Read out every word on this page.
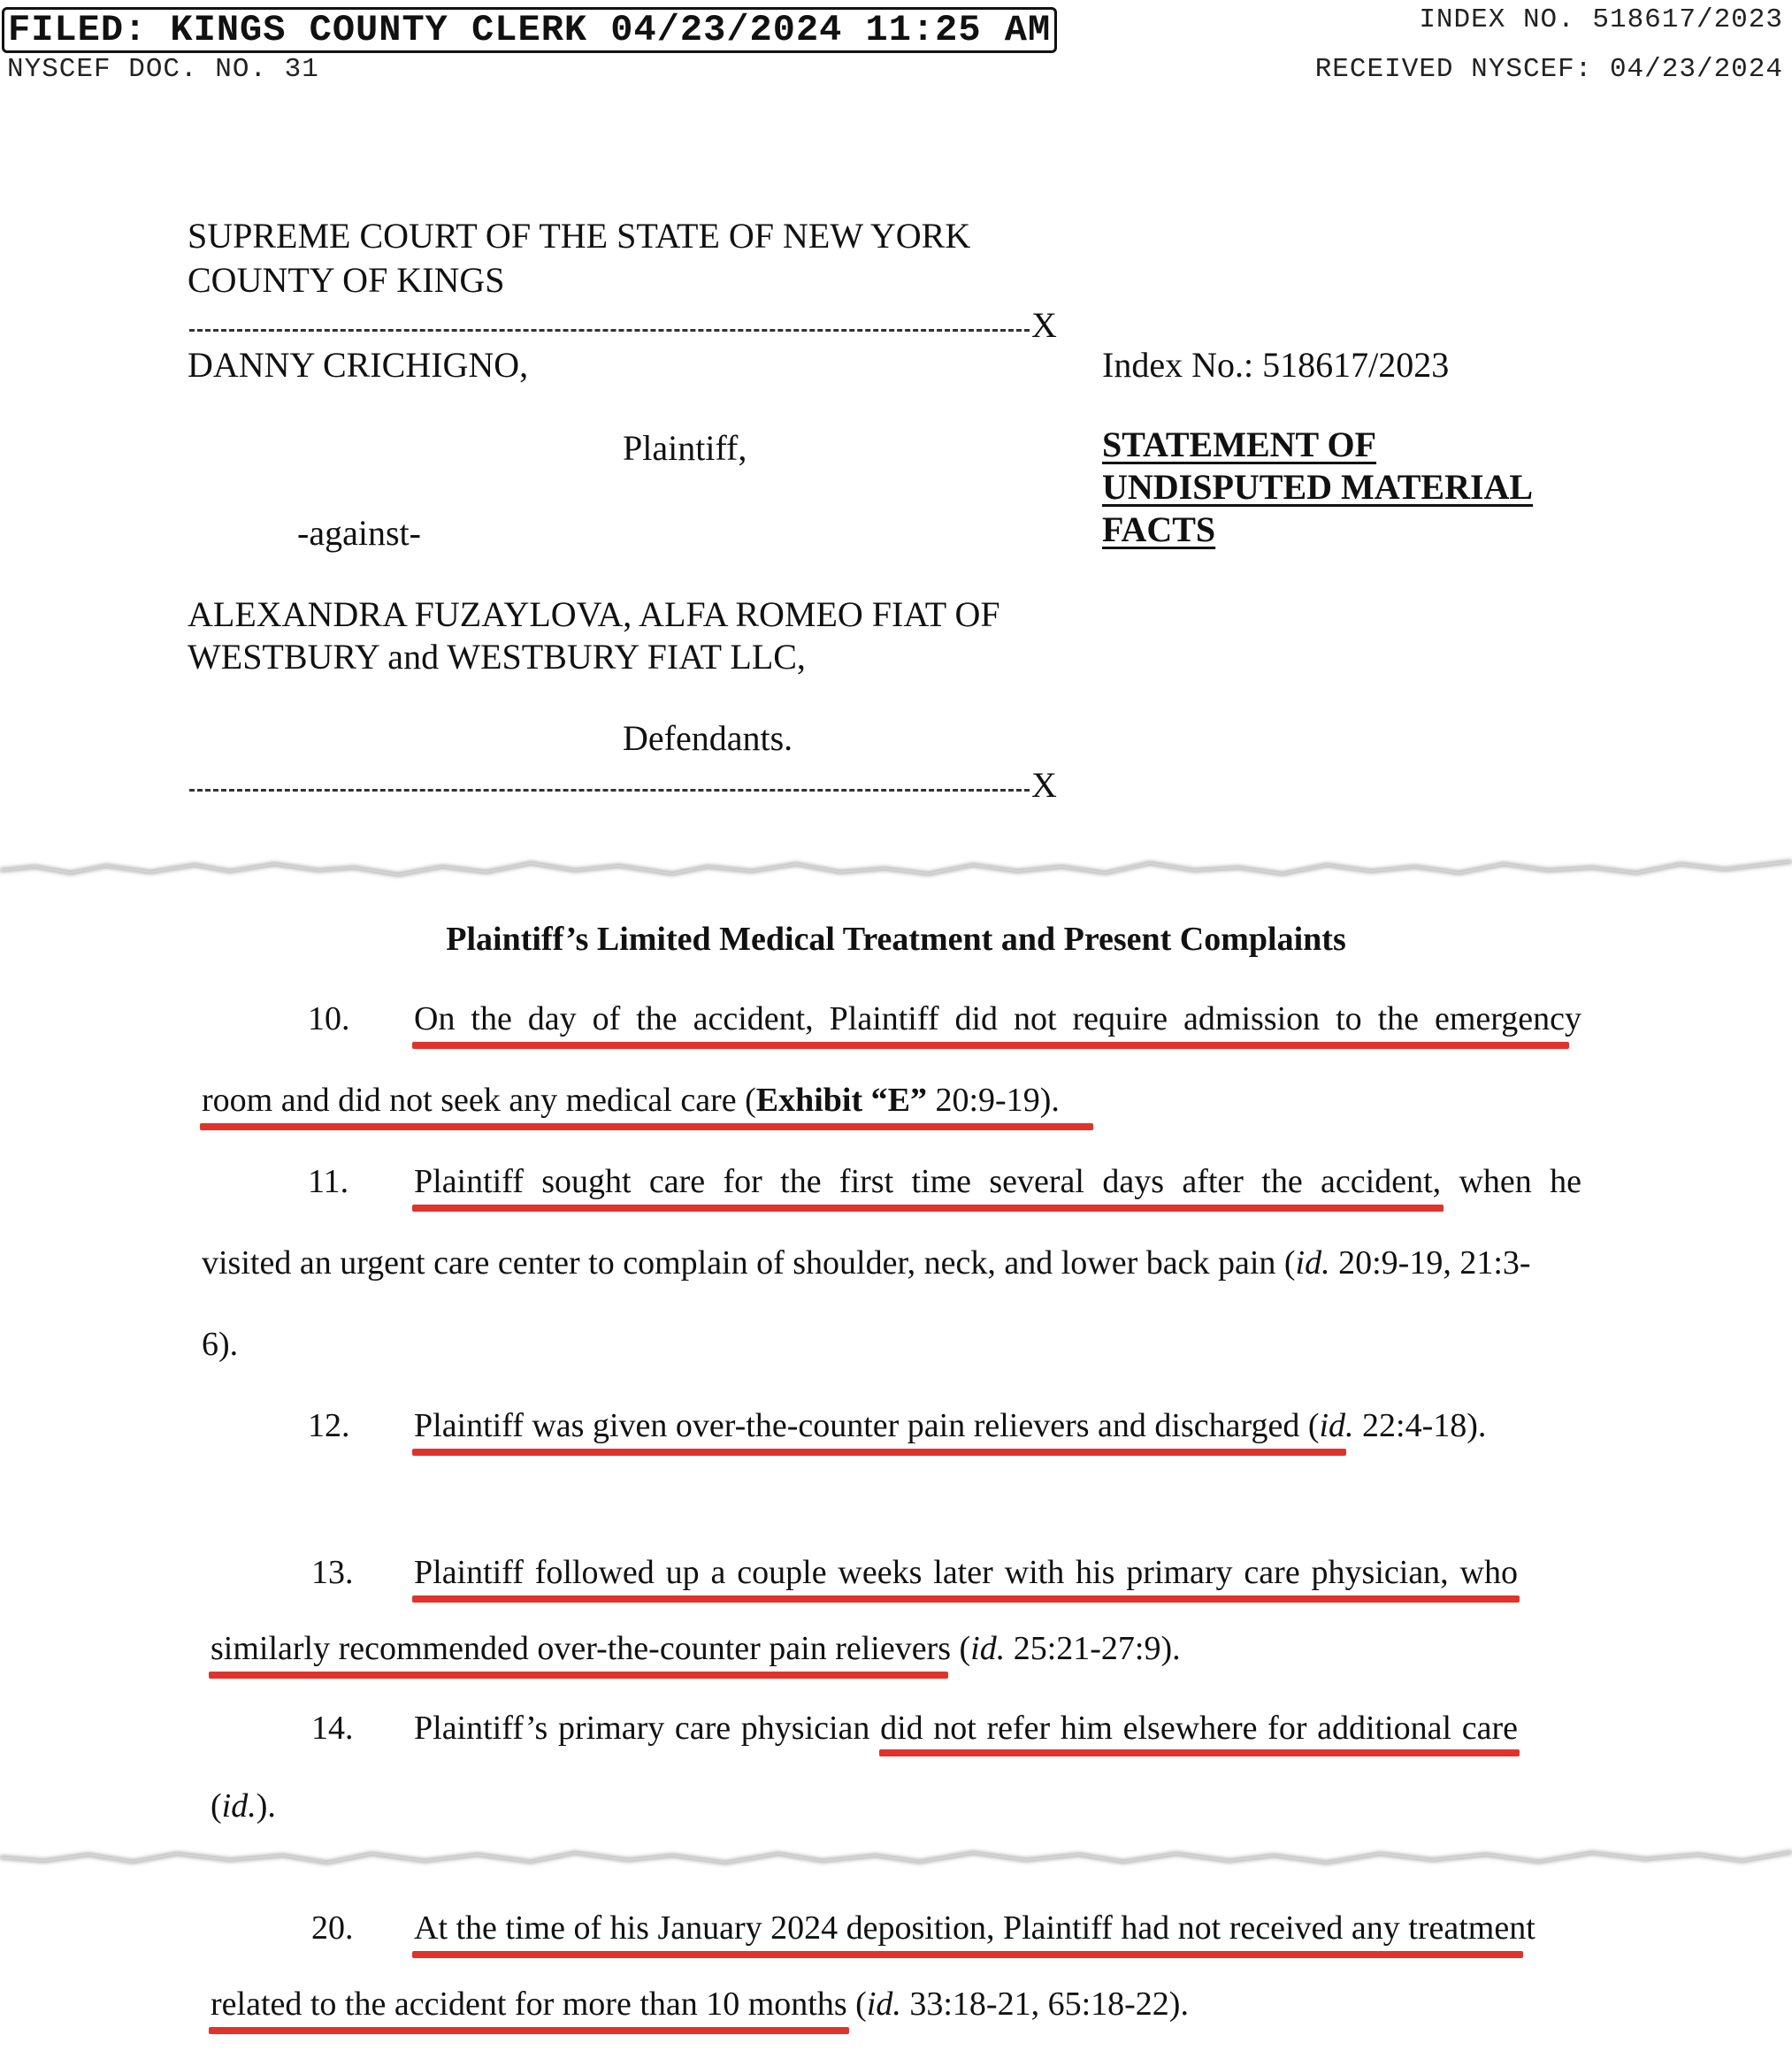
FILED: KINGS COUNTY CLERK 04/23/2024 11:25 AM
NYSCEF DOC. NO. 31
INDEX NO. 518617/2023
RECEIVED NYSCEF: 04/23/2024
SUPREME COURT OF THE STATE OF NEW YORK
COUNTY OF KINGS
X
DANNY CRICHIGNO,	Index No.: 518617/2023
Plaintiff,	STATEMENT OF
UNDISPUTED MATERIAL
FACTS
-against-
ALEXANDRA FUZAYLOVA, ALFA ROMEO FIAT OF
WESTBURY and WESTBURY FIAT LLC,
Defendants.
X
Plaintiff’s Limited Medical Treatment and Present Complaints
10. On the day of the accident, Plaintiff did not require admission to the emergency
room and did not seek any medical care (Exhibit “E” 20:9-19).
11. Plaintiff sought care for the first time several days after the accident, when he
visited an urgent care center to complain of shoulder, neck, and lower back pain (id. 20:9-19, 21:3-
6).
12. Plaintiff was given over-the-counter pain relievers and discharged (id. 22:4-18).
13. Plaintiff followed up a couple weeks later with his primary care physician, who
similarly recommended over-the-counter pain relievers (id. 25:21-27:9).
14. Plaintiff’s primary care physician did not refer him elsewhere for additional care
(id.).
20. At the time of his January 2024 deposition, Plaintiff had not received any treatment
related to the accident for more than 10 months (id. 33:18-21, 65:18-22).
